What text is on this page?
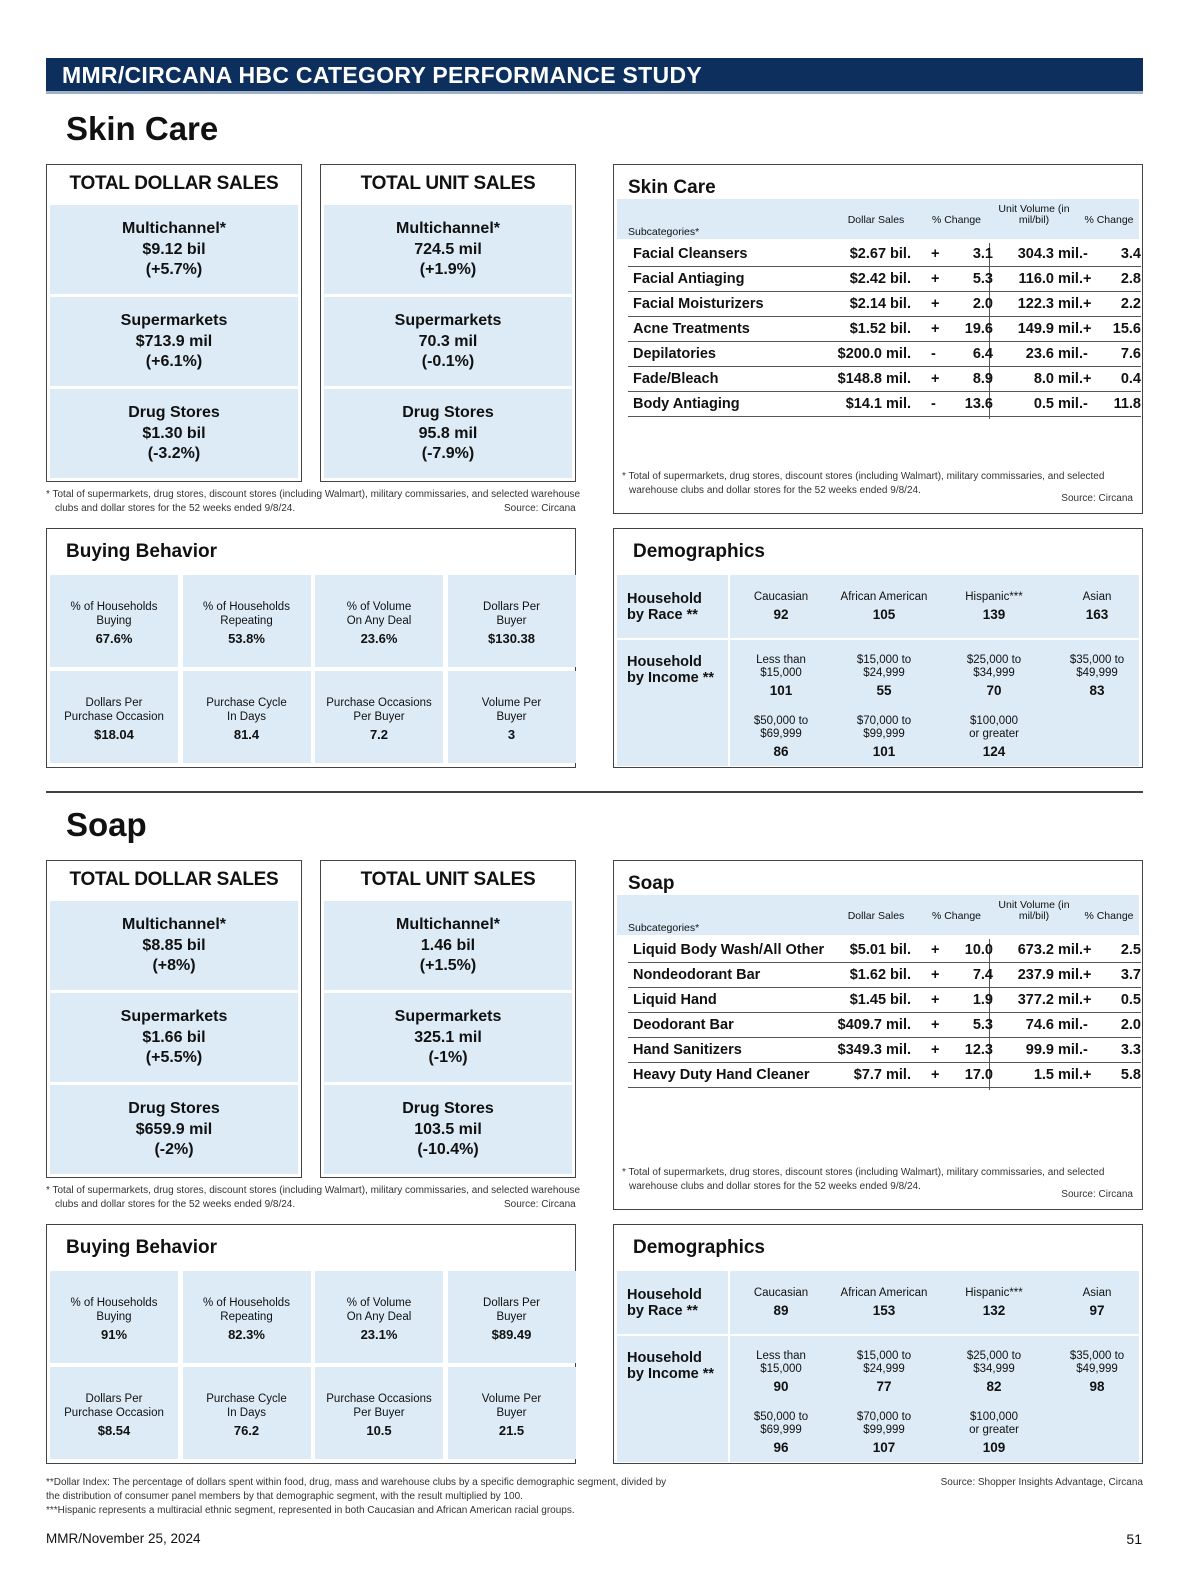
MMR/CIRCANA HBC CATEGORY PERFORMANCE STUDY
Skin Care
TOTAL DOLLAR SALES
Multichannel*
$9.12 bil
(+5.7%)
Supermarkets
$713.9 mil
(+6.1%)
Drug Stores
$1.30 bil
(-3.2%)
TOTAL UNIT SALES
Multichannel*
724.5 mil
(+1.9%)
Supermarkets
70.3 mil
(-0.1%)
Drug Stores
95.8 mil
(-7.9%)
* Total of supermarkets, drug stores, discount stores (including Walmart), military commissaries, and selected warehouse
clubs and dollar stores for the 52 weeks ended 9/8/24.	Source: Circana
Skin Care
Subcategories*
Dollar Sales	% Change
Unit Volume (in mil/bil)	% Change
Facial Cleansers	$2.67 bil. + 3.1 304.3 mil. - 3.4
Facial Antiaging	$2.42 bil. + 5.3 116.0 mil. + 2.8
Facial Moisturizers	$2.14 bil. + 2.0 122.3 mil. + 2.2
Acne Treatments	$1.52 bil. + 19.6 149.9 mil. + 15.6
Depilatories	$200.0 mil. -	6.4 23.6 mil. - 7.6
Fade/Bleach	$148.8 mil. + 8.9	8.0 mil. + 0.4
Body Antiaging	$14.1 mil. - 13.6	0.5 mil. - 11.8
* Total of supermarkets, drug stores, discount stores (including Walmart), military commissaries, and selected
warehouse clubs and dollar stores for the 52 weeks ended 9/8/24.
Source: Circana
Buying Behavior
% of Households
Buying
67.6%
% of Households
Repeating
53.8%
% of Volume
On Any Deal
23.6%
Dollars Per
Buyer
$130.38
Dollars Per
Purchase Occasion
$18.04
Purchase Cycle
In Days
81.4
Purchase Occasions
Per Buyer
7.2
Volume Per
Buyer
3
Demographics
Household
by Race **
Household
by Income **
Caucasian
92
African American
105
Hispanic***
139
Asian
163
Less than
$15,000
101
$15,000 to
$24,999
55
$25,000 to
$34,999
70
$35,000 to
$49,999
83
$50,000 to
$69,999
86
$70,000 to
$99,999
101
$100,000
or greater
124
Soap
TOTAL DOLLAR SALES
Multichannel*
$8.85 bil
(+8%)
Supermarkets
$1.66 bil
(+5.5%)
Drug Stores
$659.9 mil
(-2%)
TOTAL UNIT SALES
Multichannel*
1.46 bil
(+1.5%)
Supermarkets
325.1 mil
(-1%)
Drug Stores
103.5 mil
(-10.4%)
* Total of supermarkets, drug stores, discount stores (including Walmart), military commissaries, and selected warehouse
clubs and dollar stores for the 52 weeks ended 9/8/24.	Source: Circana
Soap
Subcategories*
Dollar Sales	% Change
Unit Volume (in mil/bil)	% Change
Liquid Body Wash/All Other $5.01 bil. + 10.0 673.2 mil. + 2.5
Nondeodorant Bar	$1.62 bil. + 7.4 237.9 mil. + 3.7
Liquid Hand	$1.45 bil. + 1.9 377.2 mil. + 0.5
Deodorant Bar	$409.7 mil. + 5.3 74.6 mil. - 2.0
Hand Sanitizers	$349.3 mil. + 12.3 99.9 mil. - 3.3
Heavy Duty Hand Cleaner	$7.7 mil. + 17.0	1.5 mil. + 5.8
* Total of supermarkets, drug stores, discount stores (including Walmart), military commissaries, and selected
warehouse clubs and dollar stores for the 52 weeks ended 9/8/24.
Source: Circana
Buying Behavior
% of Households
Buying
91%
% of Households
Repeating
82.3%
% of Volume
On Any Deal
23.1%
Dollars Per
Buyer
$89.49
Dollars Per
Purchase Occasion
$8.54
Purchase Cycle
In Days
76.2
Purchase Occasions
Per Buyer
10.5
Volume Per
Buyer
21.5
Demographics
Household
by Race **
Household
by Income **
Caucasian
89
African American
153
Hispanic***
132
Asian
97
Less than
$15,000
90
$15,000 to
$24,999
77
$25,000 to
$34,999
82
$35,000 to
$49,999
98
$50,000 to
$69,999
96
$70,000 to
$99,999
107
$100,000
or greater
109
**Dollar Index: The percentage of dollars spent within food, drug, mass and warehouse clubs by a specific demographic segment, divided by
the distribution of consumer panel members by that demographic segment, with the result multiplied by 100.
***Hispanic represents a multiracial ethnic segment, represented in both Caucasian and African American racial groups.
Source: Shopper Insights Advantage, Circana
MMR/November 25, 2024	51
